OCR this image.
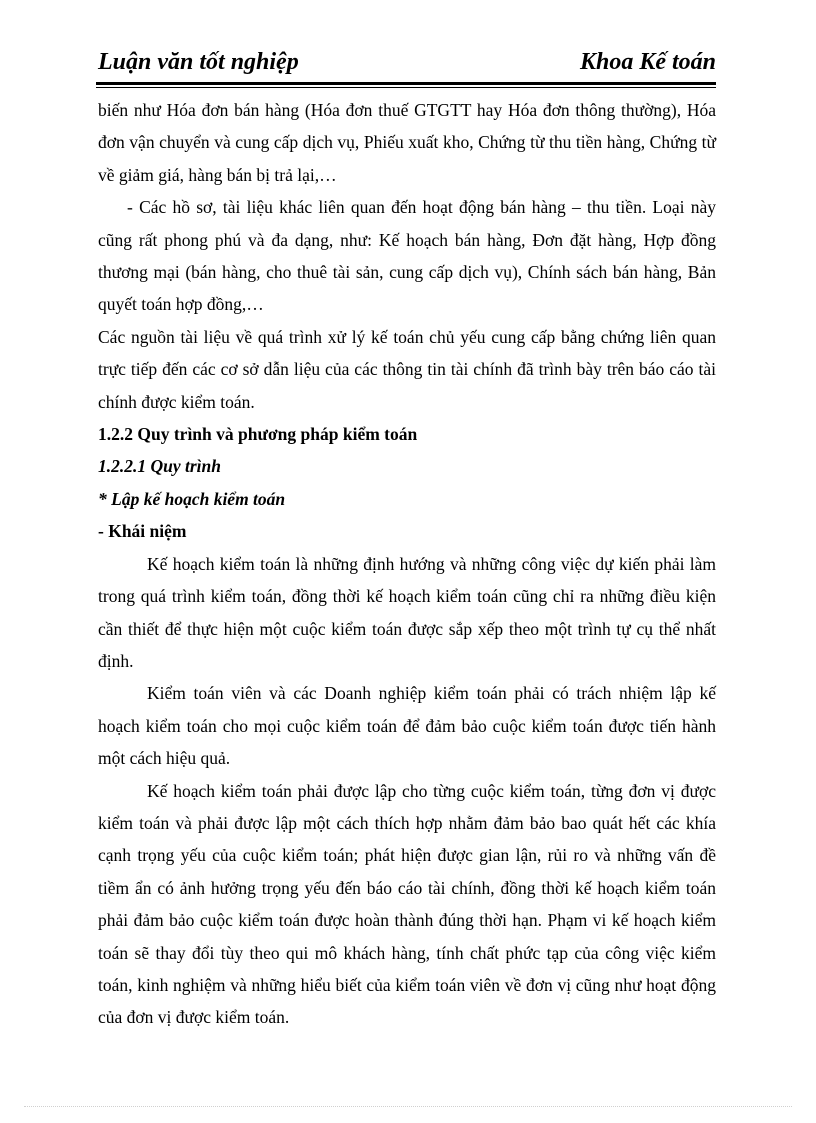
Luận văn tốt nghiệp	Khoa Kế toán

biến như Hóa đơn bán hàng (Hóa đơn thuế GTGTT hay Hóa đơn thông thường), Hóa đơn vận chuyển và cung cấp dịch vụ, Phiếu xuất kho, Chứng từ thu tiền hàng, Chứng từ về giảm giá, hàng bán bị trả lại,…

- Các hồ sơ, tài liệu khác liên quan đến hoạt động bán hàng – thu tiền. Loại này cũng rất phong phú và đa dạng, như: Kế hoạch bán hàng, Đơn đặt hàng, Hợp đồng thương mại (bán hàng, cho thuê tài sản, cung cấp dịch vụ), Chính sách bán hàng, Bản quyết toán hợp đồng,…

Các nguồn tài liệu về quá trình xử lý kế toán chủ yếu cung cấp bằng chứng liên quan trực tiếp đến các cơ sở dẫn liệu của các thông tin tài chính đã trình bày trên báo cáo tài chính được kiểm toán.

1.2.2 Quy trình và phương pháp kiểm toán

1.2.2.1 Quy trình

* Lập kế hoạch kiểm toán

- Khái niệm

Kế hoạch kiểm toán là những định hướng và những công việc dự kiến phải làm trong quá trình kiểm toán, đồng thời kế hoạch kiểm toán cũng chỉ ra những điều kiện cần thiết để thực hiện một cuộc kiểm toán được sắp xếp theo một trình tự cụ thể nhất định.

Kiểm toán viên và các Doanh nghiệp kiểm toán phải có trách nhiệm lập kế hoạch kiểm toán cho mọi cuộc kiểm toán để đảm bảo cuộc kiểm toán được tiến hành một cách hiệu quả.

Kế hoạch kiểm toán phải được lập cho từng cuộc kiểm toán, từng đơn vị được kiểm toán và phải được lập một cách thích hợp nhằm đảm bảo bao quát hết các khía cạnh trọng yếu của cuộc kiểm toán; phát hiện được gian lận, rủi ro và những vấn đề tiềm ẩn có ảnh hưởng trọng yếu đến báo cáo tài chính, đồng thời kế hoạch kiểm toán phải đảm bảo cuộc kiểm toán được hoàn thành đúng thời hạn. Phạm vi kế hoạch kiểm toán sẽ thay đổi tùy theo qui mô khách hàng, tính chất phức tạp của công việc kiểm toán, kinh nghiệm và những hiểu biết của kiểm toán viên về đơn vị cũng như hoạt động của đơn vị được kiểm toán.
